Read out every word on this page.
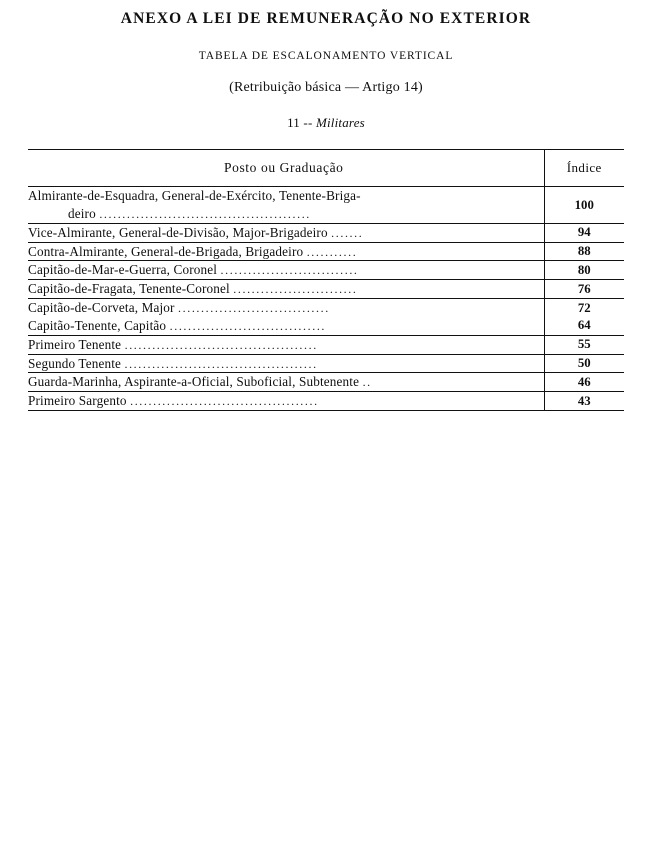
ANEXO A LEI DE REMUNERAÇÃO NO EXTERIOR
TABELA DE ESCALONAMENTO VERTICAL
(Retribuição básica — Artigo 14)
11 -- Militares

Posto ou Graduação	Índice

Almirante-de-Esquadra, General-de-Exército, Tenente-Briga-
deiro ..............................................	100

Vice-Almirante, General-de-Divisão, Major-Brigadeiro .......	94

Contra-Almirante, General-de-Brigada, Brigadeiro ...........	88

Capitão-de-Mar-e-Guerra, Coronel ..............................	80

Capitão-de-Fragata, Tenente-Coronel ...........................	76

Capitão-de-Corveta, Major .................................	72
Capitão-Tenente, Capitão ..................................	64

Primeiro Tenente ..........................................	55

Segundo Tenente ..........................................	50

Guarda-Marinha, Aspirante-a-Oficial, Suboficial, Subtenente ..	46

Primeiro Sargento .........................................	43
